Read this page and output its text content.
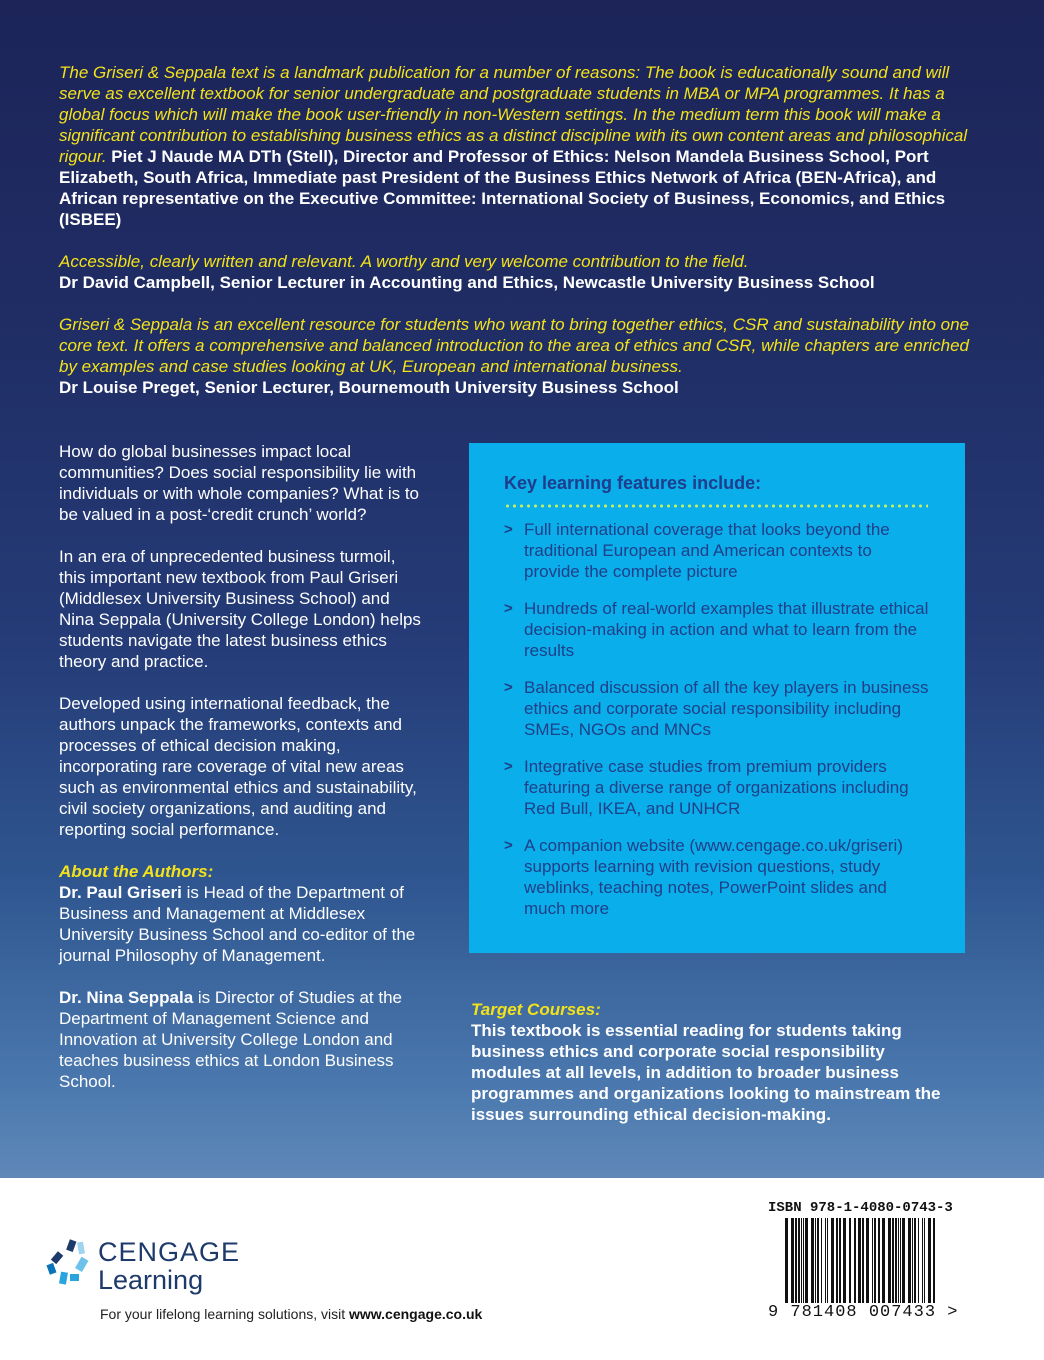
The Griseri & Seppala text is a landmark publication for a number of reasons: The book is educationally sound and will serve as excellent textbook for senior undergraduate and postgraduate students in MBA or MPA programmes. It has a global focus which will make the book user-friendly in non-Western settings. In the medium term this book will make a significant contribution to establishing business ethics as a distinct discipline with its own content areas and philosophical rigour. Piet J Naude MA DTh (Stell), Director and Professor of Ethics: Nelson Mandela Business School, Port Elizabeth, South Africa, Immediate past President of the Business Ethics Network of Africa (BEN-Africa), and African representative on the Executive Committee: International Society of Business, Economics, and Ethics (ISBEE)

Accessible, clearly written and relevant. A worthy and very welcome contribution to the field.
Dr David Campbell, Senior Lecturer in Accounting and Ethics, Newcastle University Business School

Griseri & Seppala is an excellent resource for students who want to bring together ethics, CSR and sustainability into one core text. It offers a comprehensive and balanced introduction to the area of ethics and CSR, while chapters are enriched by examples and case studies looking at UK, European and international business.
Dr Louise Preget, Senior Lecturer, Bournemouth University Business School

How do global businesses impact local communities? Does social responsibility lie with individuals or with whole companies? What is to be valued in a post-‘credit crunch’ world?

In an era of unprecedented business turmoil, this important new textbook from Paul Griseri (Middlesex University Business School) and Nina Seppala (University College London) helps students navigate the latest business ethics theory and practice.

Developed using international feedback, the authors unpack the frameworks, contexts and processes of ethical decision making, incorporating rare coverage of vital new areas such as environmental ethics and sustainability, civil society organizations, and auditing and reporting social performance.

About the Authors:

Dr. Paul Griseri is Head of the Department of Business and Management at Middlesex University Business School and co-editor of the journal Philosophy of Management.

Dr. Nina Seppala is Director of Studies at the Department of Management Science and Innovation at University College London and teaches business ethics at London Business School.

Key learning features include:
> Full international coverage that looks beyond the traditional European and American contexts to provide the complete picture
> Hundreds of real-world examples that illustrate ethical decision-making in action and what to learn from the results
> Balanced discussion of all the key players in business ethics and corporate social responsibility including SMEs, NGOs and MNCs
> Integrative case studies from premium providers featuring a diverse range of organizations including Red Bull, IKEA, and UNHCR
> A companion website (www.cengage.co.uk/griseri) supports learning with revision questions, study weblinks, teaching notes, PowerPoint slides and much more
Target Courses:
This textbook is essential reading for students taking business ethics and corporate social responsibility modules at all levels, in addition to broader business programmes and organizations looking to mainstream the issues surrounding ethical decision-making.
CENGAGE
Learning
For your lifelong learning solutions, visit www.cengage.co.uk
ISBN 978-1-4080-0743-3
9 781408 007433 >
